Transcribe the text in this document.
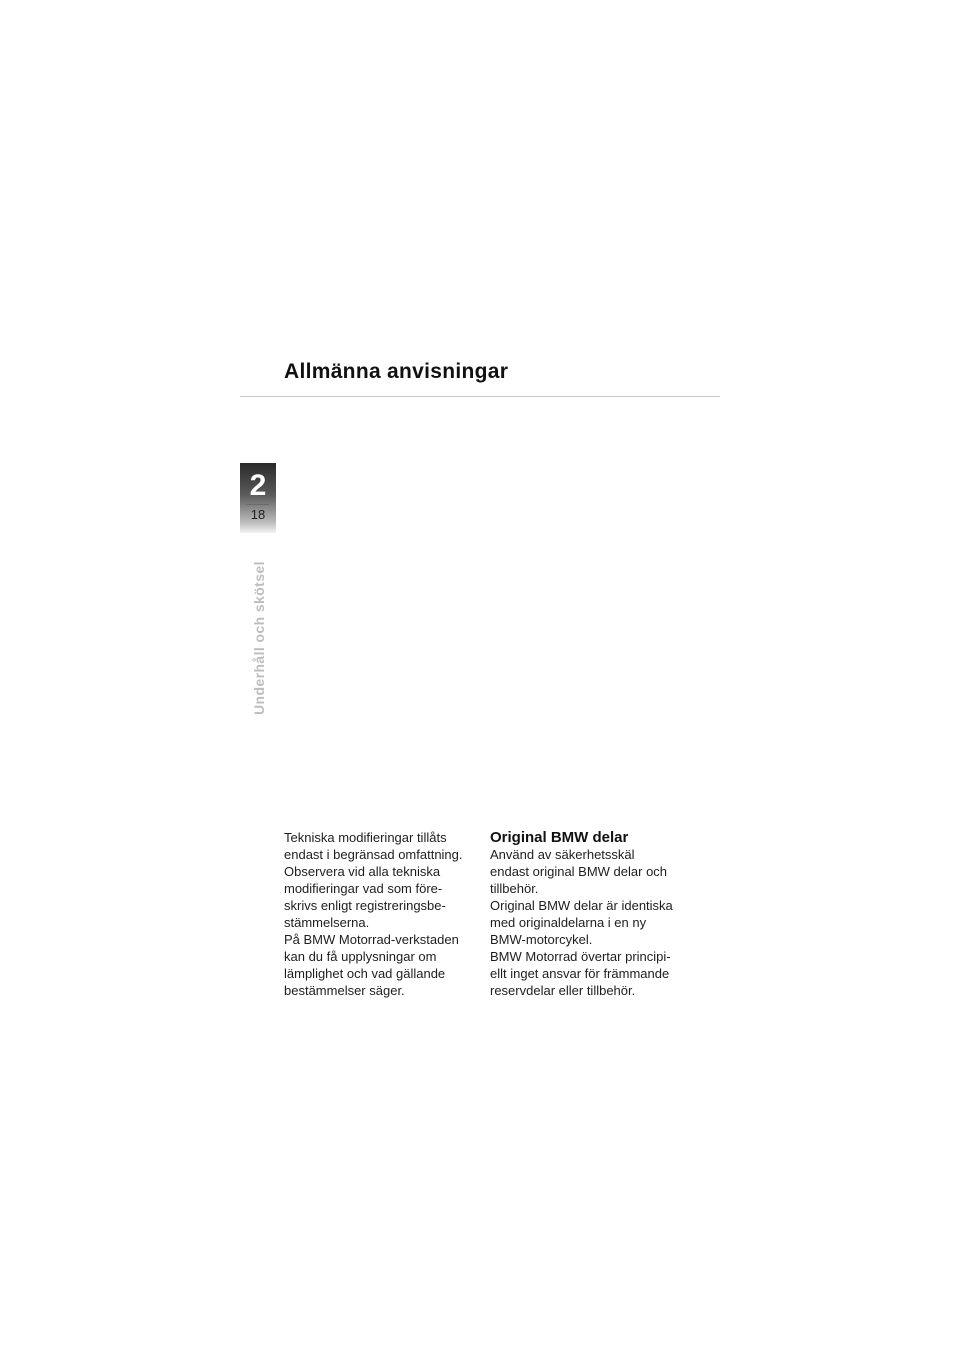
Allmänna anvisningar
2
18
Underhåll och skötsel
Tekniska modifieringar tillåts
endast i begränsad omfattning.
Observera vid alla tekniska
modifieringar vad som före-
skrivs enligt registreringsbe-
stämmelserna.
På BMW Motorrad-verkstaden
kan du få upplysningar om
lämplighet och vad gällande
bestämmelser säger.
Original BMW delar
Använd av säkerhetsskäl
endast original BMW delar och
tillbehör.
Original BMW delar är identiska
med originaldelarna i en ny
BMW-motorcykel.
BMW Motorrad övertar principi-
ellt inget ansvar för främmande
reservdelar eller tillbehör.
